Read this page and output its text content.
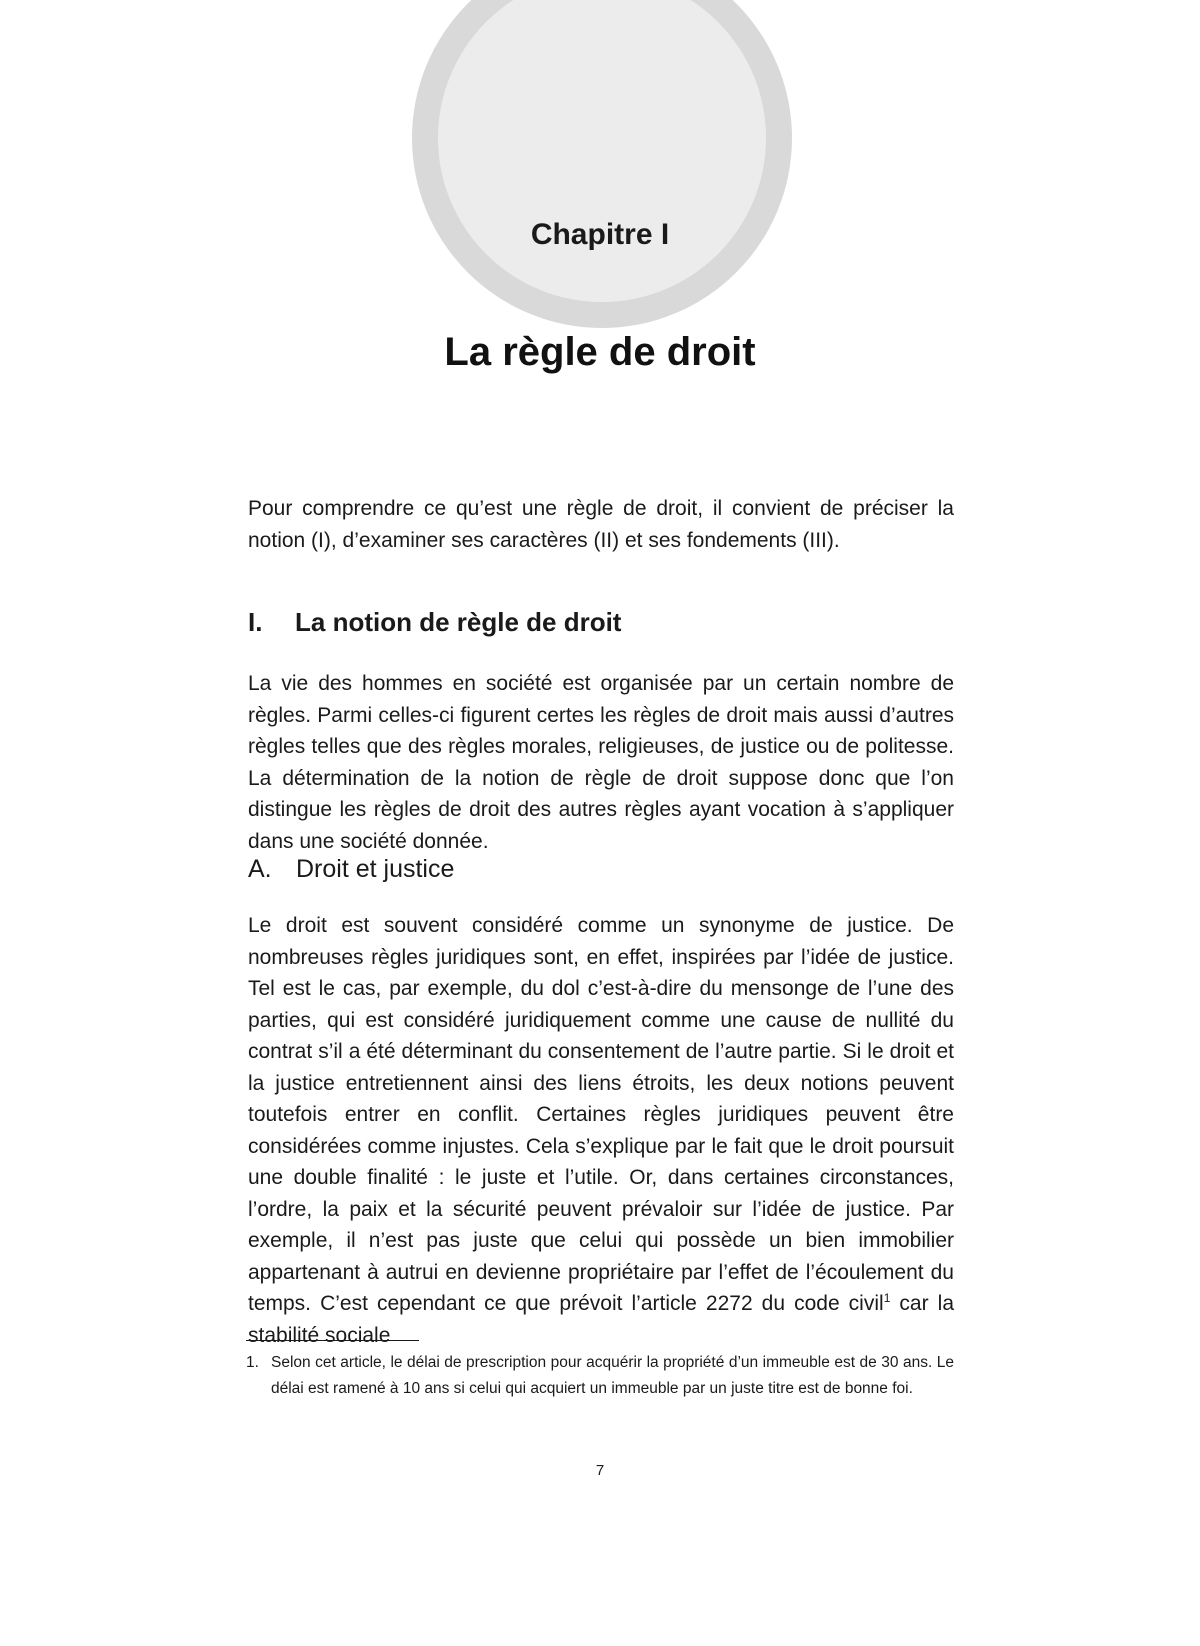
Chapitre I
La règle de droit

Pour comprendre ce qu’est une règle de droit, il convient de préciser la notion (I), d’examiner ses caractères (II) et ses fondements (III).

I. La notion de règle de droit

La vie des hommes en société est organisée par un certain nombre de règles. Parmi celles-ci figurent certes les règles de droit mais aussi d’autres règles telles que des règles morales, religieuses, de justice ou de politesse. La détermination de la notion de règle de droit suppose donc que l’on distingue les règles de droit des autres règles ayant vocation à s’appliquer dans une société donnée.

A. Droit et justice

Le droit est souvent considéré comme un synonyme de justice. De nombreuses règles juridiques sont, en effet, inspirées par l’idée de justice. Tel est le cas, par exemple, du dol c’est-à-dire du mensonge de l’une des parties, qui est considéré juridiquement comme une cause de nullité du contrat s’il a été déterminant du consentement de l’autre partie. Si le droit et la justice entretiennent ainsi des liens étroits, les deux notions peuvent toutefois entrer en conflit. Certaines règles juridiques peuvent être considérées comme injustes. Cela s’explique par le fait que le droit poursuit une double finalité : le juste et l’utile. Or, dans certaines circonstances, l’ordre, la paix et la sécurité peuvent prévaloir sur l’idée de justice. Par exemple, il n’est pas juste que celui qui possède un bien immobilier appartenant à autrui en devienne propriétaire par l’effet de l’écoulement du temps. C’est cependant ce que prévoit l’article 2272 du code civil$^1$ car la stabilité sociale

1. Selon cet article, le délai de prescription pour acquérir la propriété d’un immeuble est de 30 ans. Le délai est ramené à 10 ans si celui qui acquiert un immeuble par un juste titre est de bonne foi.
7
